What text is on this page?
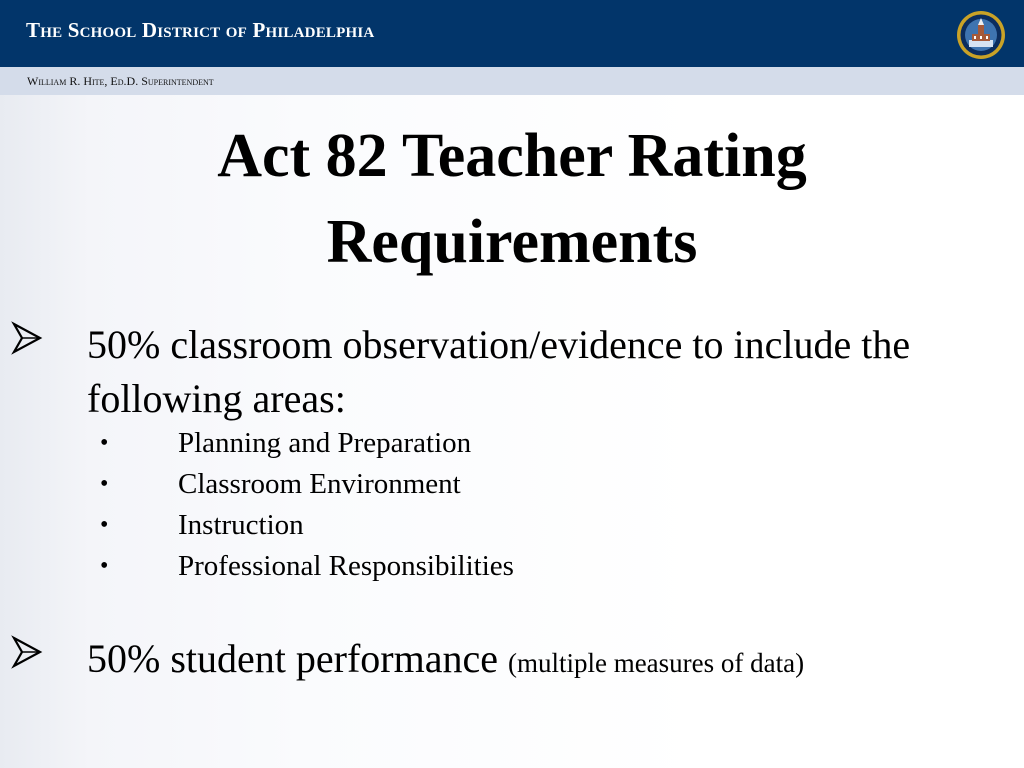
The School District of Philadelphia
William R. Hite, Ed.D. Superintendent
Act 82 Teacher Rating
Requirements
50% classroom observation/evidence to include the following areas:
• Planning and Preparation
• Classroom Environment
• Instruction
• Professional Responsibilities
50% student performance (multiple measures of data)
